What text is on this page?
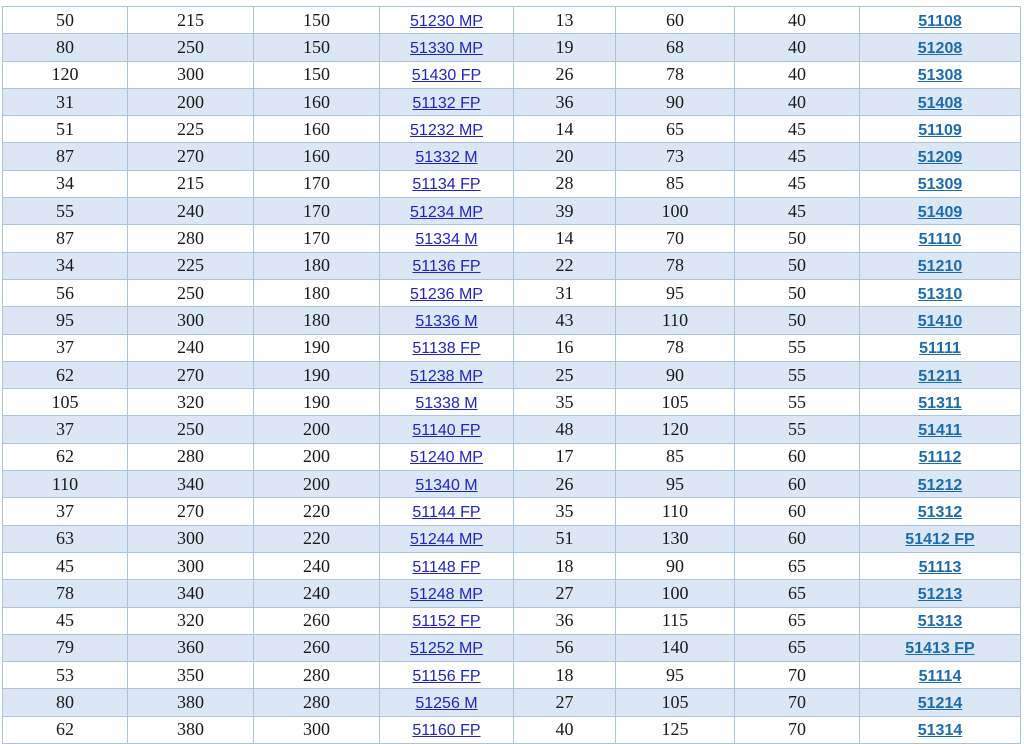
50	215	150	51230 MP	13	60	40	51108
80	250	150	51330 MP	19	68	40	51208
120	300	150	51430 FP	26	78	40	51308
31	200	160	51132 FP	36	90	40	51408
51	225	160	51232 MP	14	65	45	51109
87	270	160	51332 M	20	73	45	51209
34	215	170	51134 FP	28	85	45	51309
55	240	170	51234 MP	39	100	45	51409
87	280	170	51334 M	14	70	50	51110
34	225	180	51136 FP	22	78	50	51210
56	250	180	51236 MP	31	95	50	51310
95	300	180	51336 M	43	110	50	51410
37	240	190	51138 FP	16	78	55	51111
62	270	190	51238 MP	25	90	55	51211
105	320	190	51338 M	35	105	55	51311
37	250	200	51140 FP	48	120	55	51411
62	280	200	51240 MP	17	85	60	51112
110	340	200	51340 M	26	95	60	51212
37	270	220	51144 FP	35	110	60	51312
63	300	220	51244 MP	51	130	60	51412 FP
45	300	240	51148 FP	18	90	65	51113
78	340	240	51248 MP	27	100	65	51213
45	320	260	51152 FP	36	115	65	51313
79	360	260	51252 MP	56	140	65	51413 FP
53	350	280	51156 FP	18	95	70	51114
80	380	280	51256 M	27	105	70	51214
62	380	300	51160 FP	40	125	70	51314
